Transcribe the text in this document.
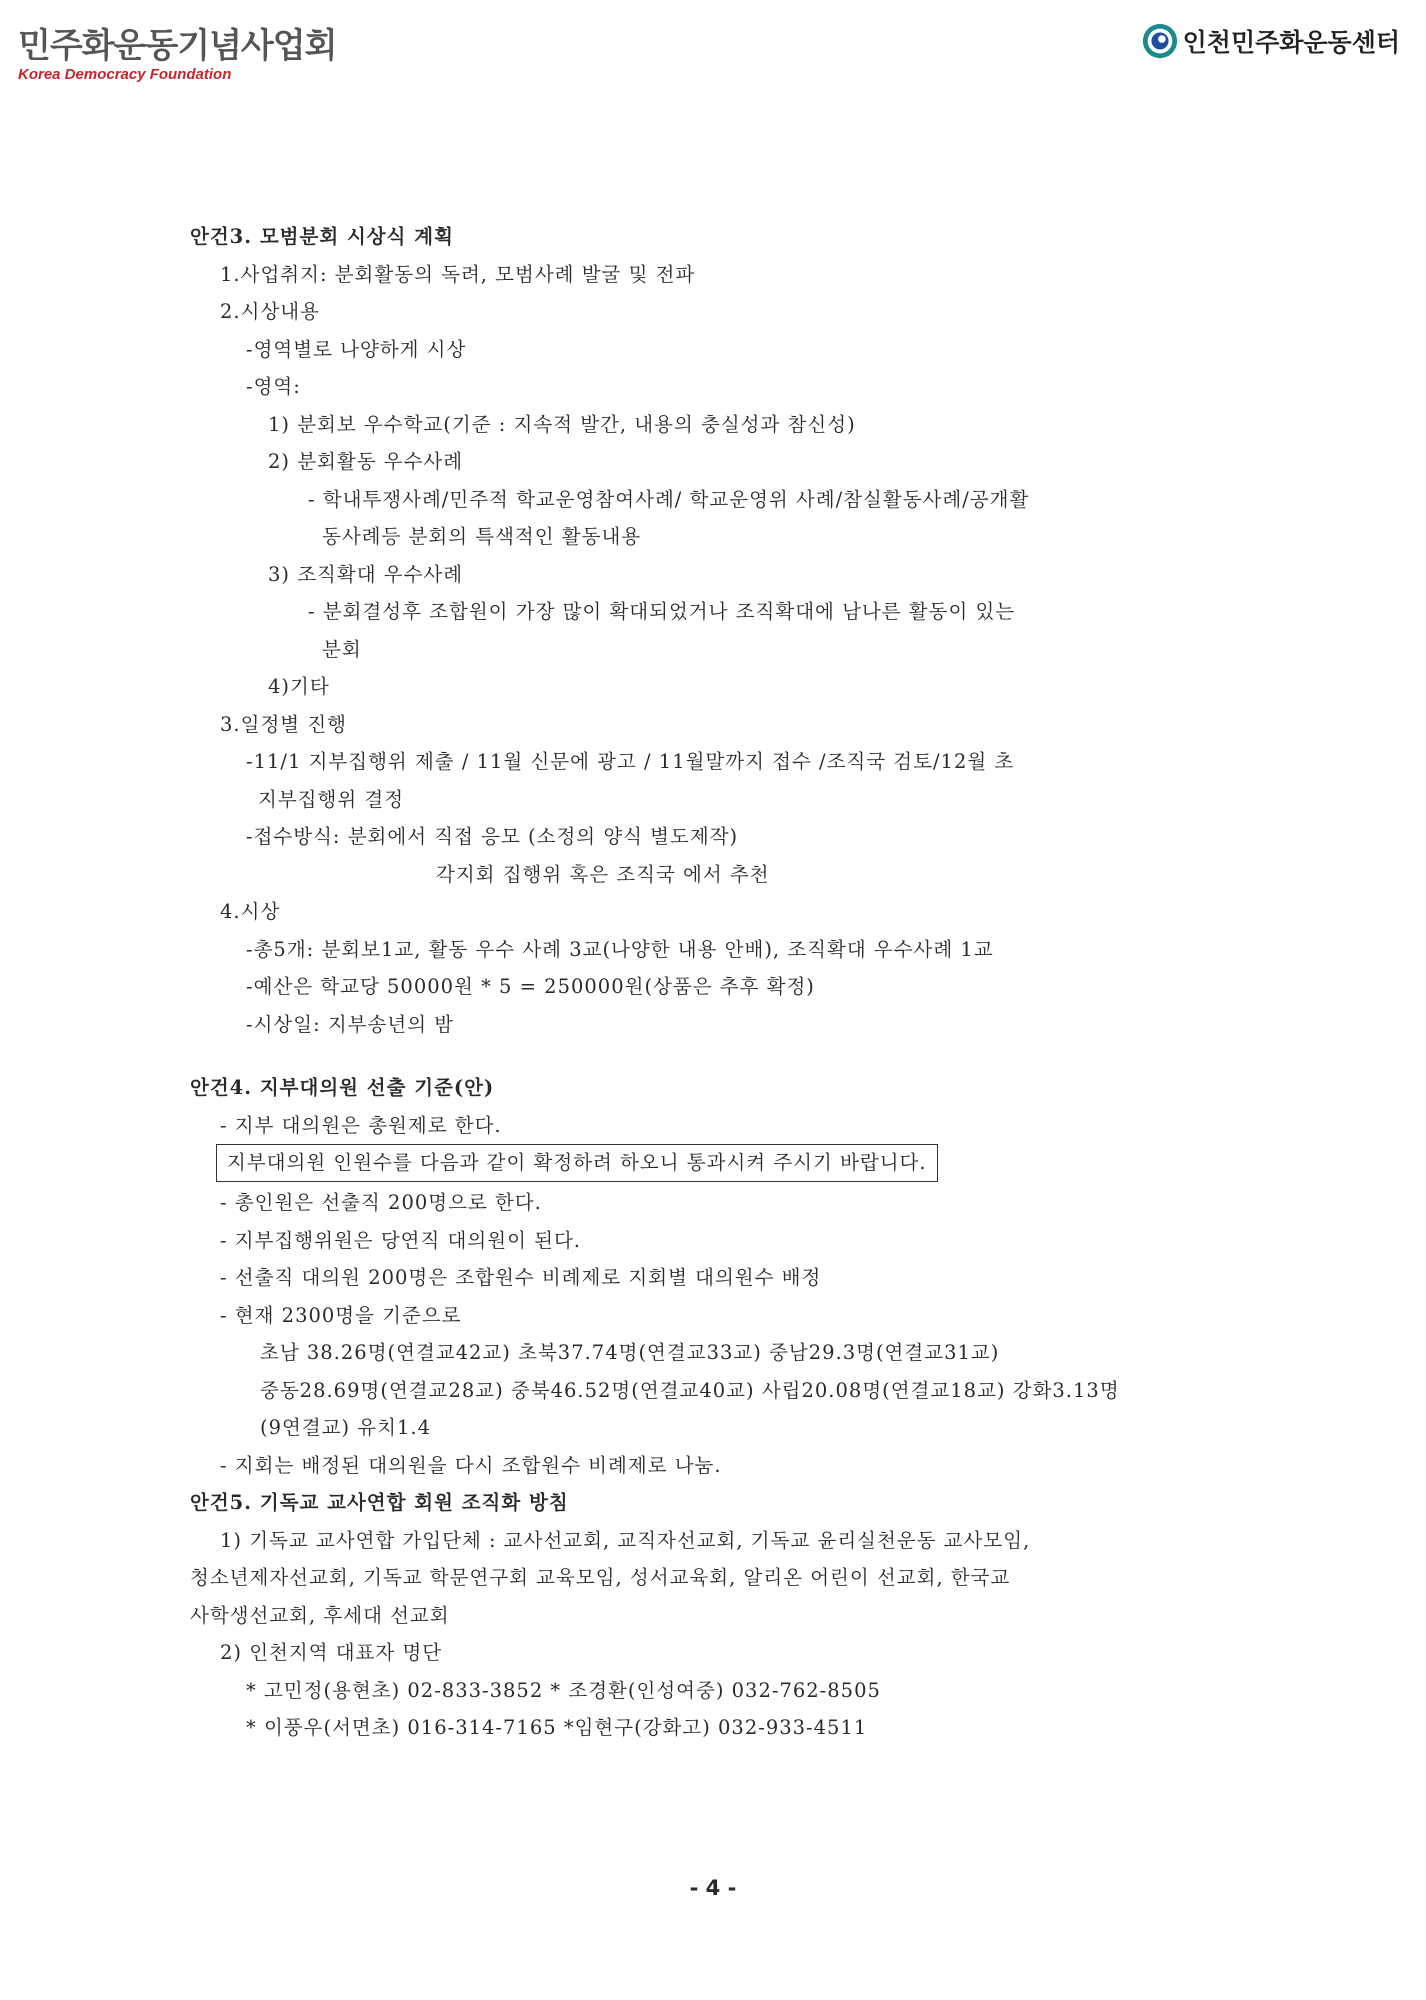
민주화운동기념사업회
Korea Democracy Foundation
인천민주화운동센터
안건3. 모범분회 시상식 계획
1.사업취지: 분회활동의 독려, 모범사례 발굴 및 전파
2.시상내용
-영역별로 나양하게 시상
-영역:
1) 분회보 우수학교(기준 : 지속적 발간, 내용의 충실성과 참신성)
2) 분회활동 우수사례
- 학내투쟁사례/민주적 학교운영참여사례/ 학교운영위 사례/참실활동사례/공개활
동사례등 분회의 특색적인 활동내용
3) 조직확대 우수사례
- 분회결성후 조합원이 가장 많이 확대되었거나 조직확대에 남나른 활동이 있는
분회
4)기타
3.일정별 진행
-11/1 지부집행위 제출 / 11월 신문에 광고 / 11월말까지 접수 /조직국 검토/12월 초
지부집행위 결정
-접수방식: 분회에서 직접 응모 (소정의 양식 별도제작)
각지회 집행위 혹은 조직국 에서 추천
4.시상
-총5개: 분회보1교, 활동 우수 사례 3교(나양한 내용 안배), 조직확대 우수사례 1교
-예산은 학교당 50000원 * 5 = 250000원(상품은 추후 확정)
-시상일: 지부송년의 밤
안건4. 지부대의원 선출 기준(안)
- 지부 대의원은 총원제로 한다.
지부대의원 인원수를 다음과 같이 확정하려 하오니 통과시켜 주시기 바랍니다.
- 총인원은 선출직 200명으로 한다.
- 지부집행위원은 당연직 대의원이 된다.
- 선출직 대의원 200명은 조합원수 비례제로 지회별 대의원수 배정
- 현재 2300명을 기준으로
초남 38.26명(연결교42교) 초북37.74명(연결교33교) 중남29.3명(연결교31교)
중동28.69명(연결교28교) 중북46.52명(연결교40교) 사립20.08명(연결교18교) 강화3.13명
(9연결교) 유치1.4
- 지회는 배정된 대의원을 다시 조합원수 비례제로 나눔.
안건5. 기독교 교사연합 회원 조직화 방침
1) 기독교 교사연합 가입단체 : 교사선교회, 교직자선교회, 기독교 윤리실천운동 교사모임,
청소년제자선교회, 기독교 학문연구회 교육모임, 성서교육회, 알리온 어린이 선교회, 한국교
사학생선교회, 후세대 선교회
2) 인천지역 대표자 명단
* 고민정(용현초) 02-833-3852 * 조경환(인성여중) 032-762-8505
* 이풍우(서면초) 016-314-7165 *임현구(강화고) 032-933-4511
- 4 -
